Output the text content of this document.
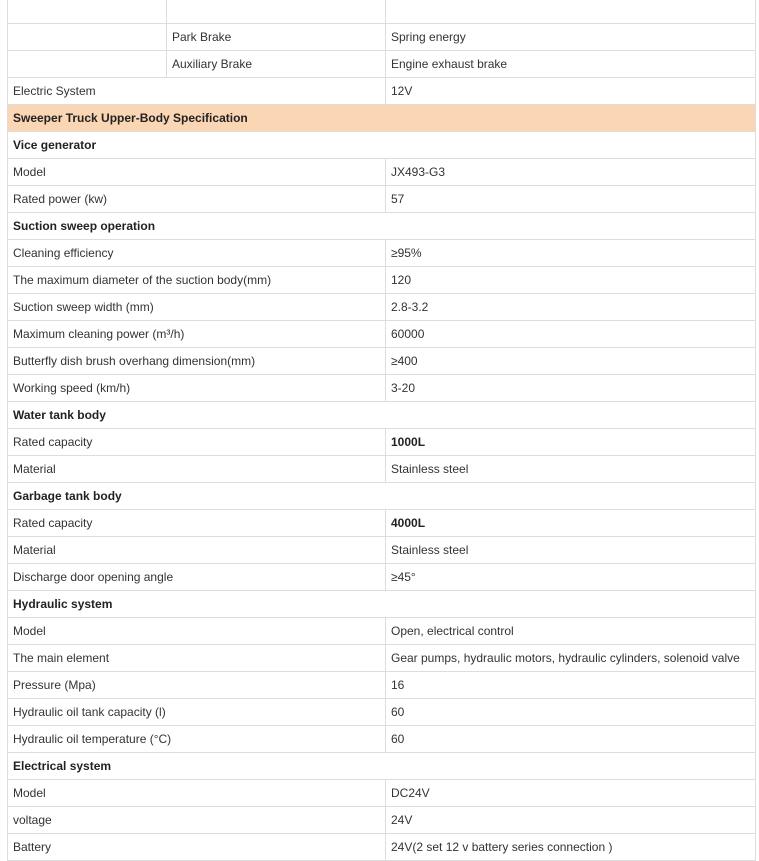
	Park Brake	Spring energy
	Auxiliary Brake	Engine exhaust brake
Electric System		12V
Sweeper Truck Upper-Body Specification		
Vice generator		
Model		JX493-G3
Rated power (kw)		57
Suction sweep operation		
Cleaning efficiency		≥95%
The maximum diameter of the suction body(mm)		120
Suction sweep width (mm)		2.8-3.2
Maximum cleaning power (m³/h)		60000
Butterfly dish brush overhang dimension(mm)		≥400
Working speed (km/h)		3-20
Water tank body		
Rated capacity		1000L
Material		Stainless steel
Garbage tank body		
Rated capacity		4000L
Material		Stainless steel
Discharge door opening angle		≥45°
Hydraulic system		
Model		Open, electrical control
The main element		Gear pumps, hydraulic motors, hydraulic cylinders, solenoid valve
Pressure (Mpa)		16
Hydraulic oil tank capacity (l)		60
Hydraulic oil temperature (°C)		60
Electrical system		
Model		DC24V
voltage		24V
Battery		24V(2 set 12 v battery series connection )
